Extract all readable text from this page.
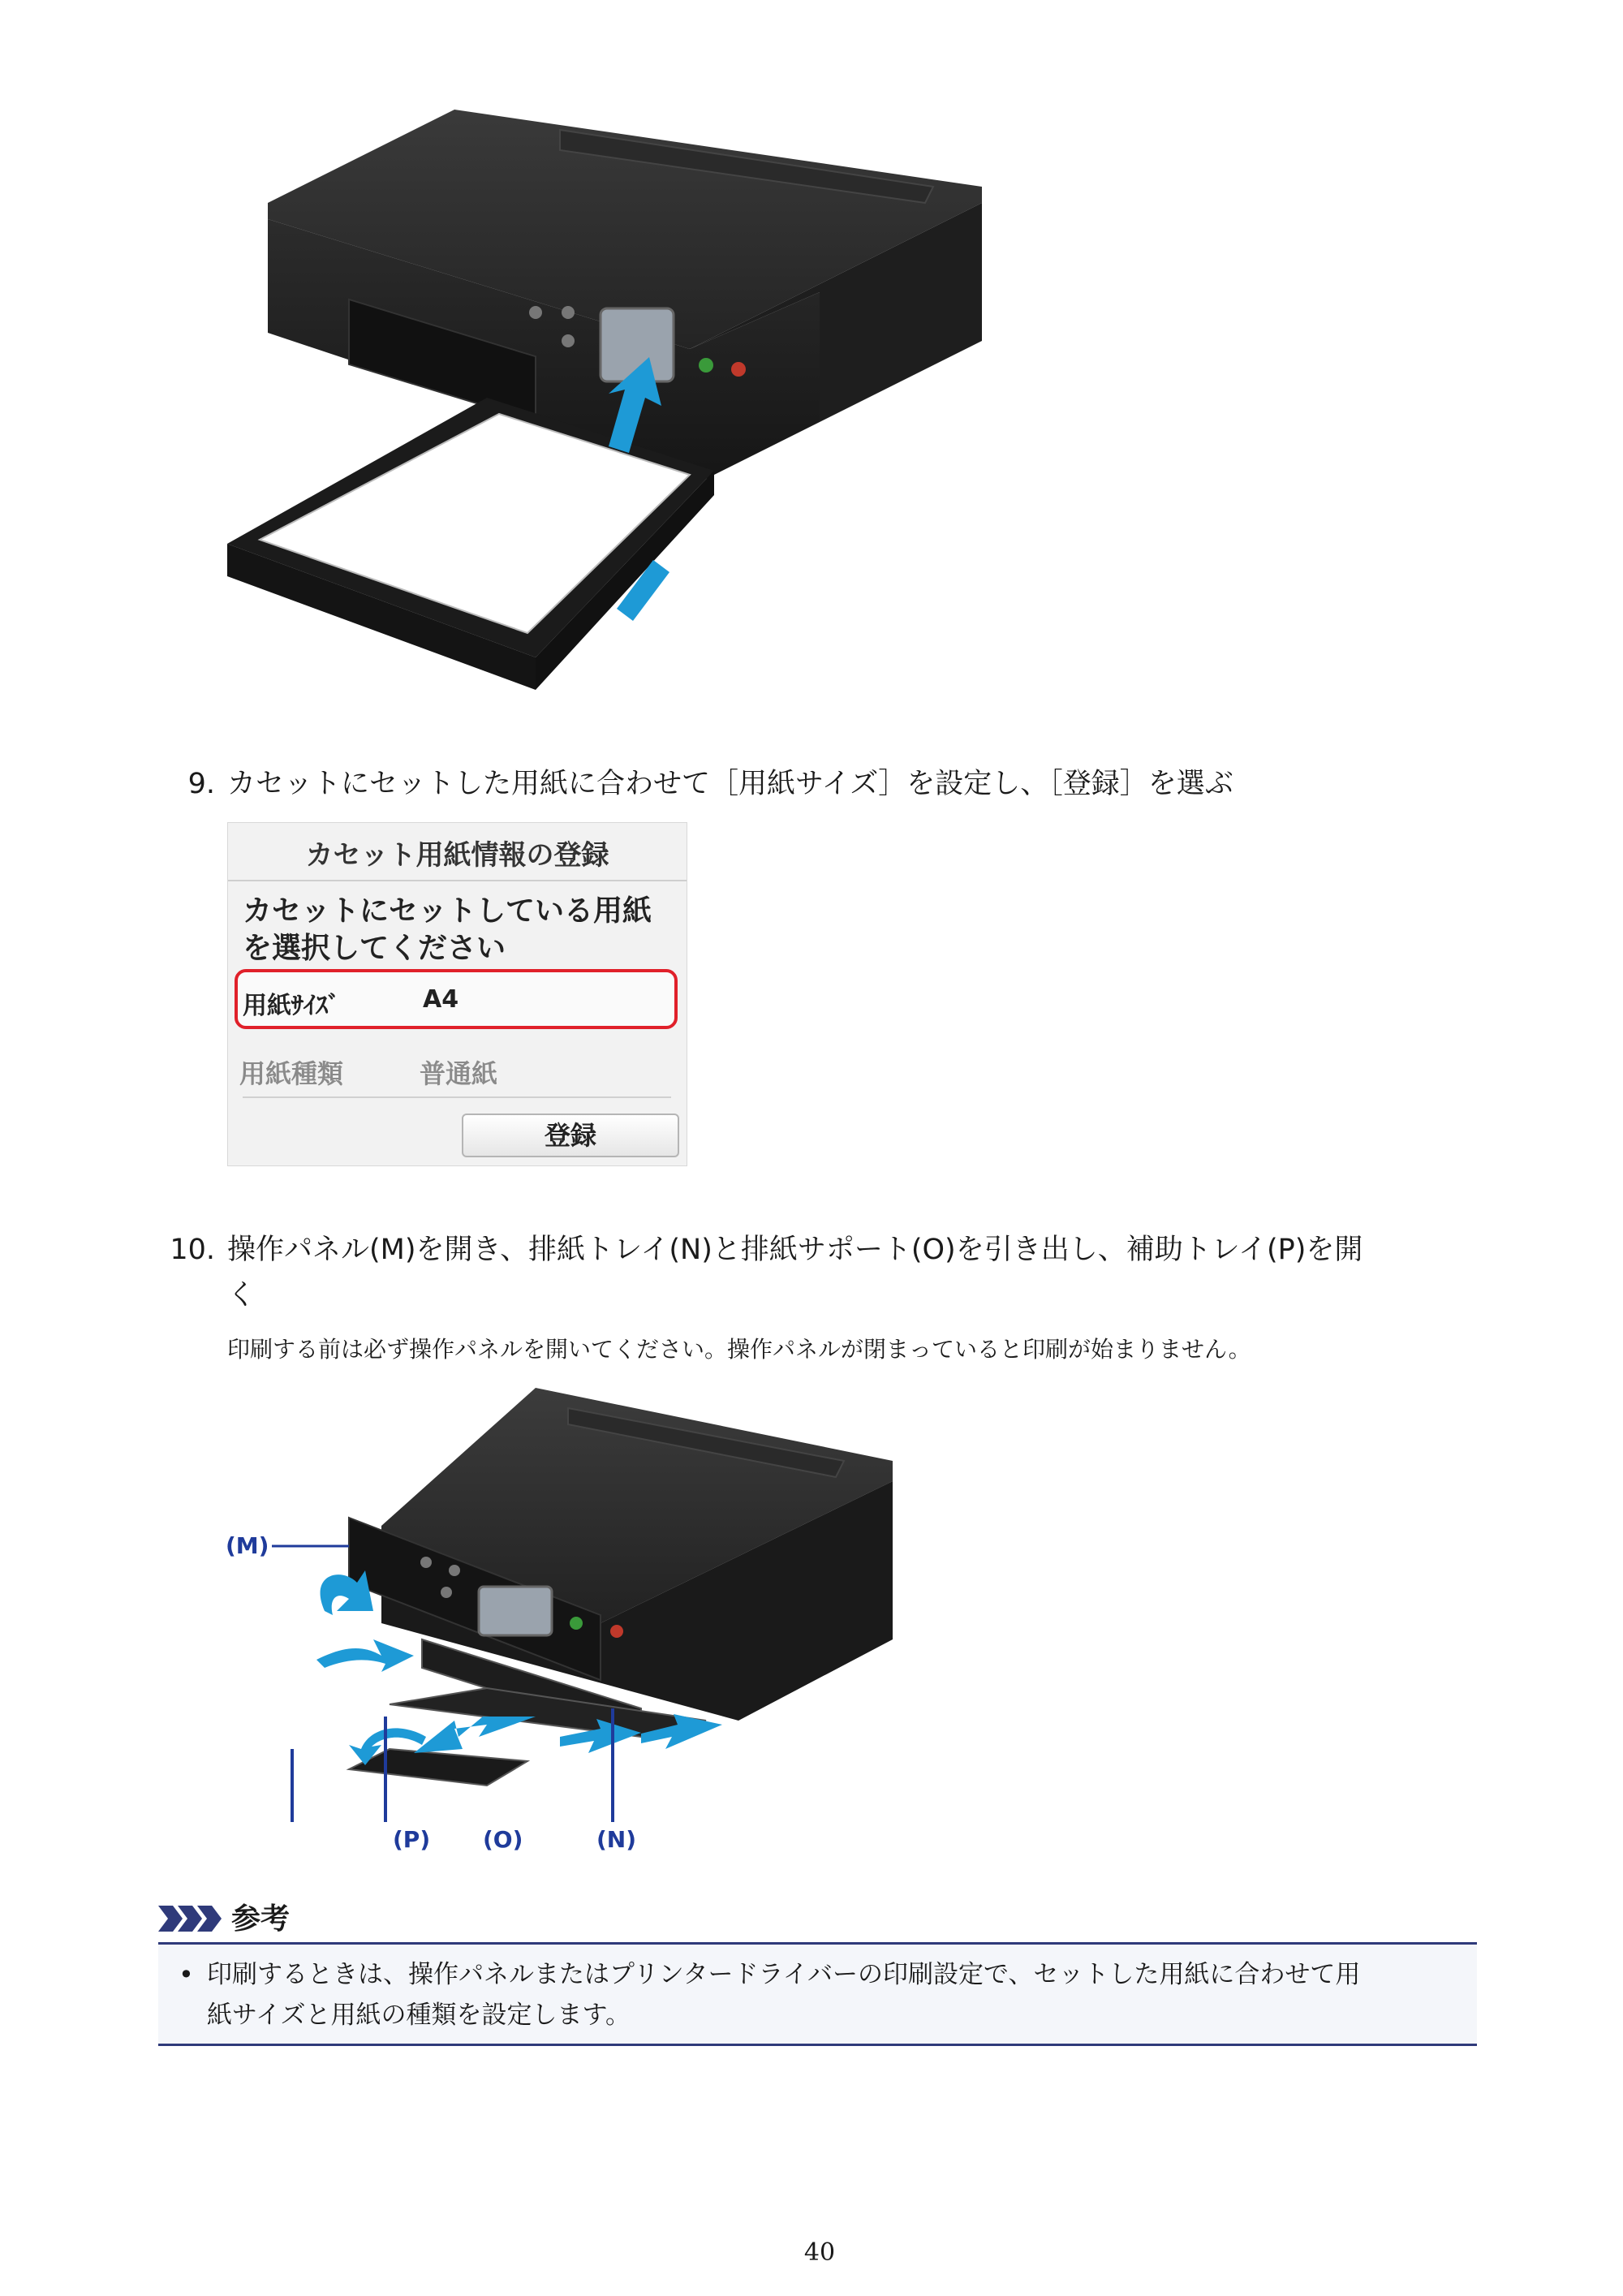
9. カセットにセットした用紙に合わせて［用紙サイズ］を設定し、［登録］を選ぶ
カセット用紙情報の登録
カセットにセットしている用紙
を選択してください
用紙ｻｲｽﾞ	A4
用紙種類	普通紙
登録
10. 操作パネル(M)を開き、排紙トレイ(N)と排紙サポート(O)を引き出し、補助トレイ(P)を開
く
印刷する前は必ず操作パネルを開いてください。操作パネルが閉まっていると印刷が始まりません。
(M)
(P) (O)	(N)
参考
• 印刷するときは、操作パネルまたはプリンタードライバーの印刷設定で、セットした用紙に合わせて用
紙サイズと用紙の種類を設定します。
40
